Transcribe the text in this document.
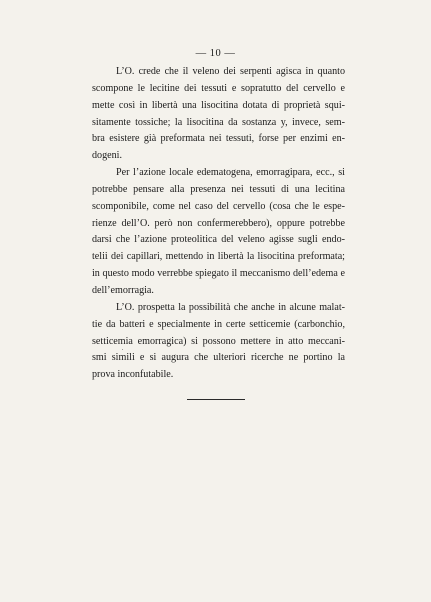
— 10 —
L’O. crede che il veleno dei serpenti agisca in quanto
scompone le lecitine dei tessuti e sopratutto del cervello e
mette così in libertà una lisocitina dotata di proprietà squi-
sitamente tossiche; la lisocitina da sostanza y, invece, sem-
bra esistere già preformata nei tessuti, forse per enzimi en-
dogeni.
Per l’azione locale edematogena, emorragipara, ecc., si
potrebbe pensare alla presenza nei tessuti di una lecitina
scomponibile, come nel caso del cervello (cosa che le espe-
rienze dell’O. però non confermerebbero), oppure potrebbe
darsi che l’azione proteolitica del veleno agisse sugli endo-
telii dei capillari, mettendo in libertà la lisocitina preformata;
in questo modo verrebbe spiegato il meccanismo dell’edema e
dell’emorragia.
L’O. prospetta la possibilità che anche in alcune malat-
tie da batteri e specialmente in certe setticemie (carbonchio,
setticemia emorragica) si possono mettere in atto meccani-
smi simili e si augura che ulteriori ricerche ne portino la
prova inconfutabile.
